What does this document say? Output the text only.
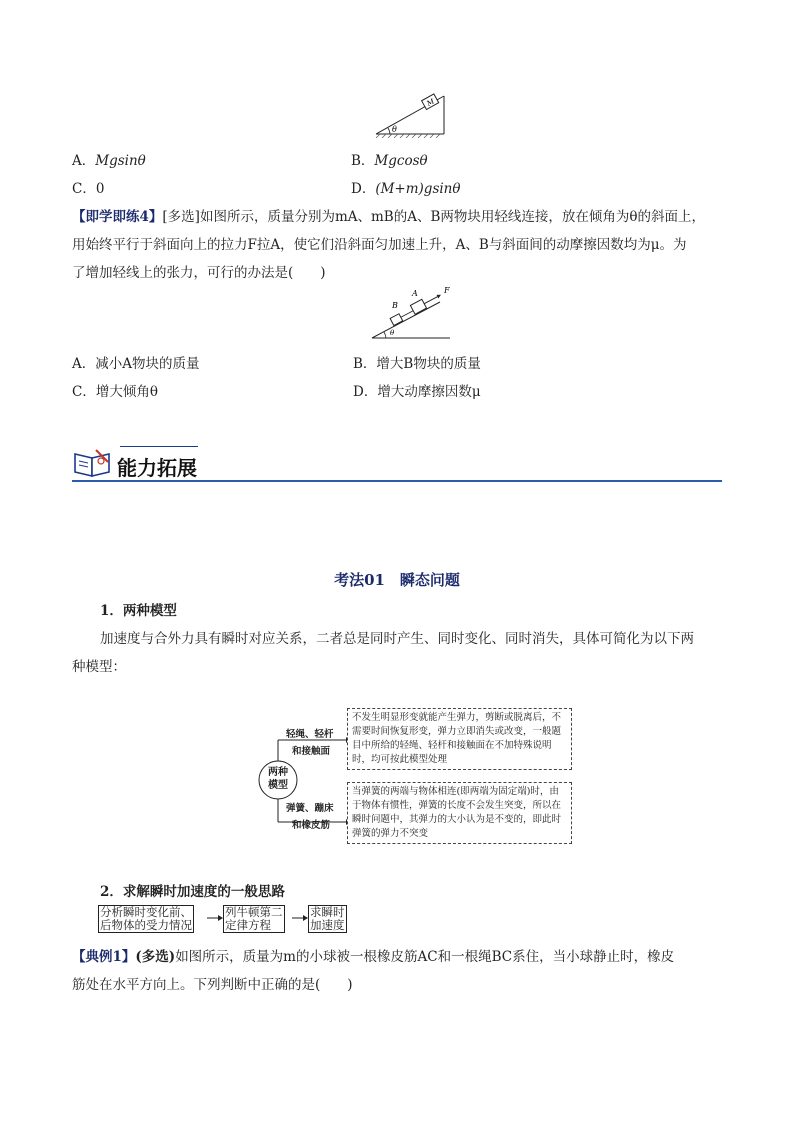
M
θ
A．Mgsinθ	B．Mgcosθ
C．0	D．(M+m)gsinθ
【即学即练4】[多选]如图所示，质量分别为mA、mB的A、B两物块用轻线连接，放在倾角为θ的斜面上，
用始终平行于斜面向上的拉力F拉A，使它们沿斜面匀加速上升，A、B与斜面间的动摩擦因数均为μ。为
了增加轻线上的张力，可行的办法是(　　)
B
A	F
θ
A．减小A物块的质量	B．增大B物块的质量
C．增大倾角θ	D．增大动摩擦因数μ
能力拓展
考法01　瞬态问题
1．两种模型
加速度与合外力具有瞬时对应关系，二者总是同时产生、同时变化、同时消失，具体可简化为以下两
种模型：
两种
模型
轻绳、轻杆
和接触面
不发生明显形变就能产生弹力，剪断或脱离后，不需要时间恢复形变，弹力立即消失或改变，一般题目中所给的轻绳、轻杆和接触面在不加特殊说明时，均可按此模型处理
弹簧、蹦床
和橡皮筋
当弹簧的两端与物体相连(即两端为固定端)时，由于物体有惯性，弹簧的长度不会发生突变，所以在瞬时问题中，其弹力的大小认为是不变的，即此时弹簧的弹力不突变
2．求解瞬时加速度的一般思路
分析瞬时变化前、
后物体的受力情况
列牛顿第二
定律方程
求瞬时
加速度
【典例1】(多选)如图所示，质量为m的小球被一根橡皮筋AC和一根绳BC系住，当小球静止时，橡皮
筋处在水平方向上。下列判断中正确的是(　　)
